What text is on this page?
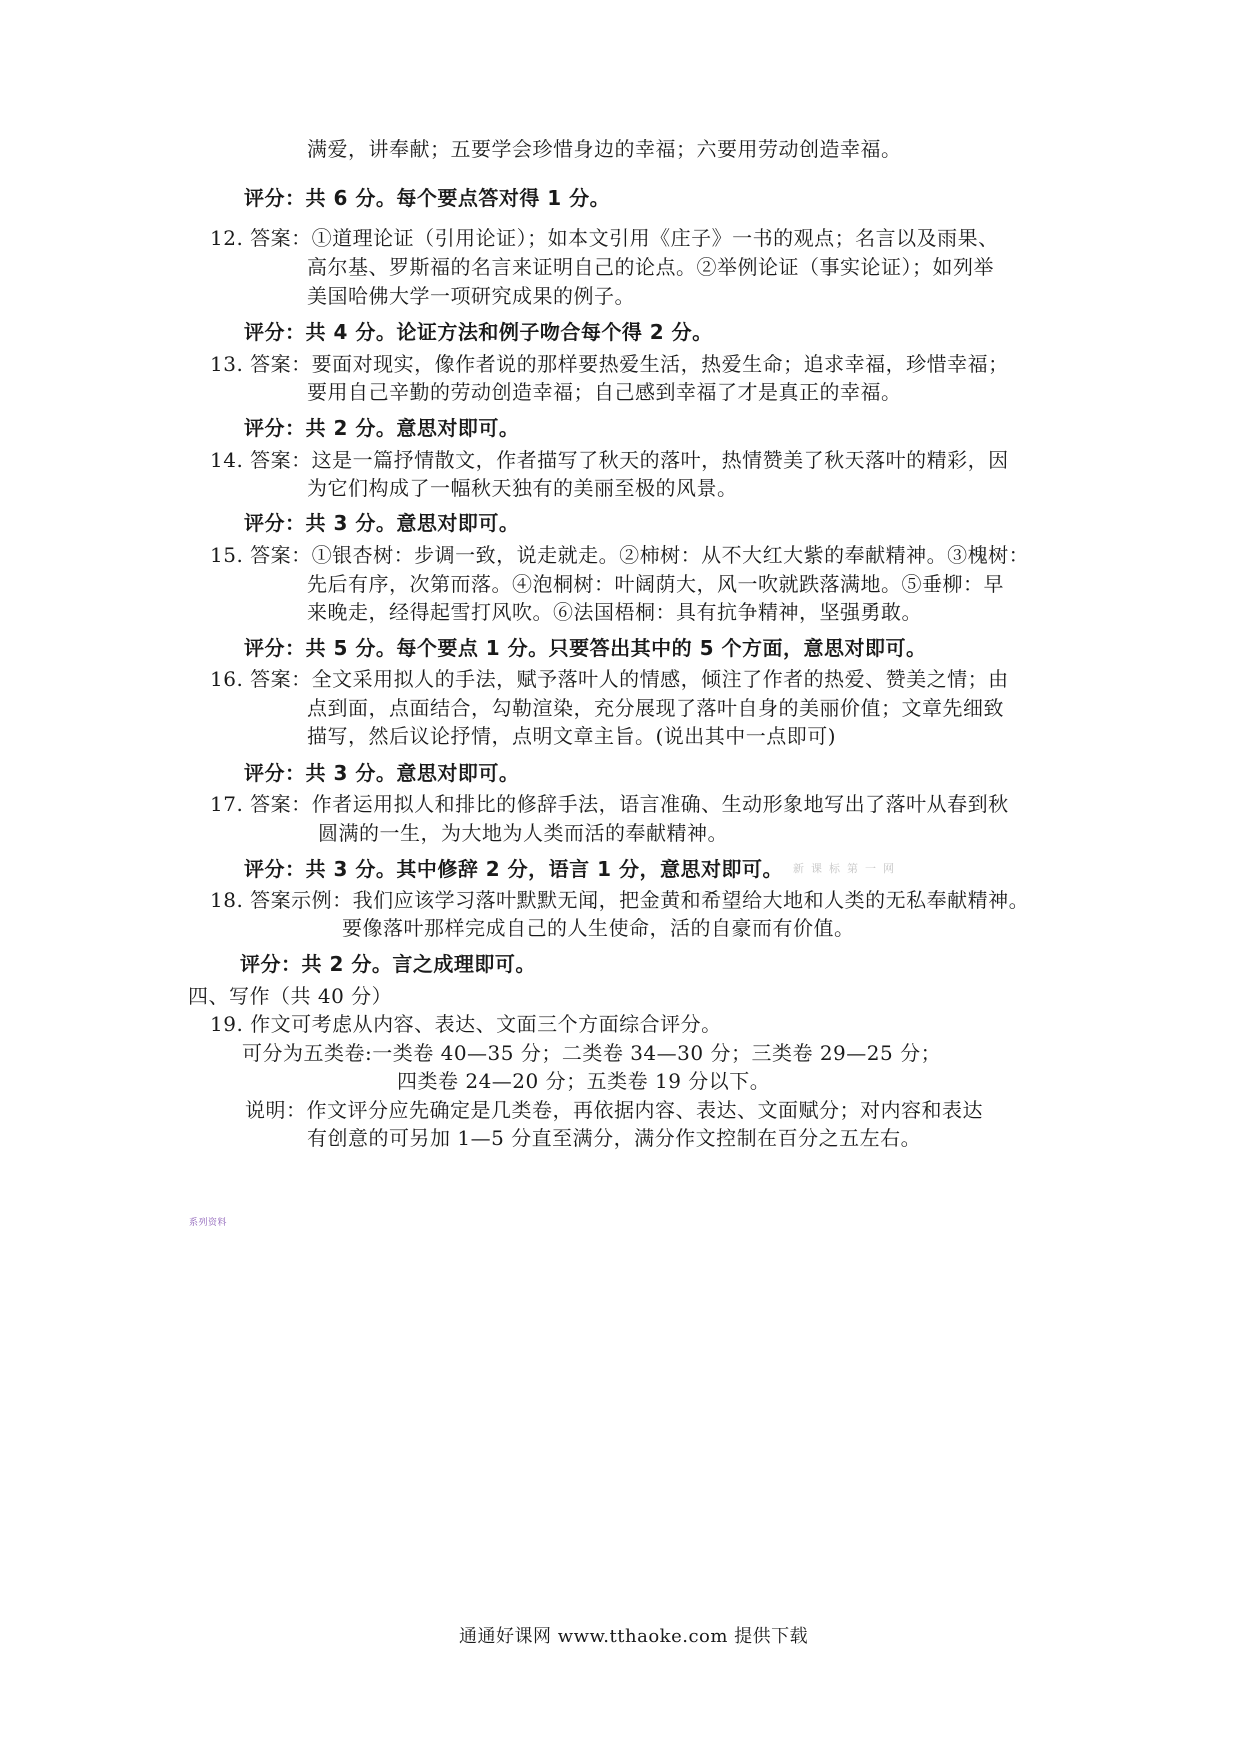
满爱，讲奉献；五要学会珍惜身边的幸福；六要用劳动创造幸福。
评分：共 6 分。每个要点答对得 1 分。
12. 答案：①道理论证（引用论证）；如本文引用《庄子》一书的观点；名言以及雨果、
高尔基、罗斯福的名言来证明自己的论点。②举例论证（事实论证）；如列举
美国哈佛大学一项研究成果的例子。
评分：共 4 分。论证方法和例子吻合每个得 2 分。
13. 答案：要面对现实，像作者说的那样要热爱生活，热爱生命；追求幸福，珍惜幸福；
要用自己辛勤的劳动创造幸福；自己感到幸福了才是真正的幸福。
评分：共 2 分。意思对即可。
14. 答案：这是一篇抒情散文，作者描写了秋天的落叶，热情赞美了秋天落叶的精彩，因
为它们构成了一幅秋天独有的美丽至极的风景。
评分：共 3 分。意思对即可。
15. 答案：①银杏树：步调一致，说走就走。②柿树：从不大红大紫的奉献精神。③槐树：
先后有序，次第而落。④泡桐树：叶阔荫大，风一吹就跌落满地。⑤垂柳：早
来晚走，经得起雪打风吹。⑥法国梧桐：具有抗争精神，坚强勇敢。
评分：共 5 分。每个要点 1 分。只要答出其中的 5 个方面，意思对即可。
16. 答案：全文采用拟人的手法，赋予落叶人的情感，倾注了作者的热爱、赞美之情；由
点到面，点面结合，勾勒渲染，充分展现了落叶自身的美丽价值；文章先细致
描写，然后议论抒情，点明文章主旨。(说出其中一点即可)
评分：共 3 分。意思对即可。
17. 答案：作者运用拟人和排比的修辞手法，语言准确、生动形象地写出了落叶从春到秋
圆满的一生，为大地为人类而活的奉献精神。
评分：共 3 分。其中修辞 2 分，语言 1 分，意思对即可。 新课标第一网
18. 答案示例：我们应该学习落叶默默无闻，把金黄和希望给大地和人类的无私奉献精神。
要像落叶那样完成自己的人生使命，活的自豪而有价值。
评分：共 2 分。言之成理即可。
四、写作（共 40 分）
19. 作文可考虑从内容、表达、文面三个方面综合评分。
可分为五类卷:一类卷 40—35 分；二类卷 34—30 分；三类卷 29—25 分；
四类卷 24—20 分；五类卷 19 分以下。
说明：作文评分应先确定是几类卷，再依据内容、表达、文面赋分；对内容和表达
有创意的可另加 1—5 分直至满分，满分作文控制在百分之五左右。
系列资料
通通好课网 www.tthaoke.com 提供下载
